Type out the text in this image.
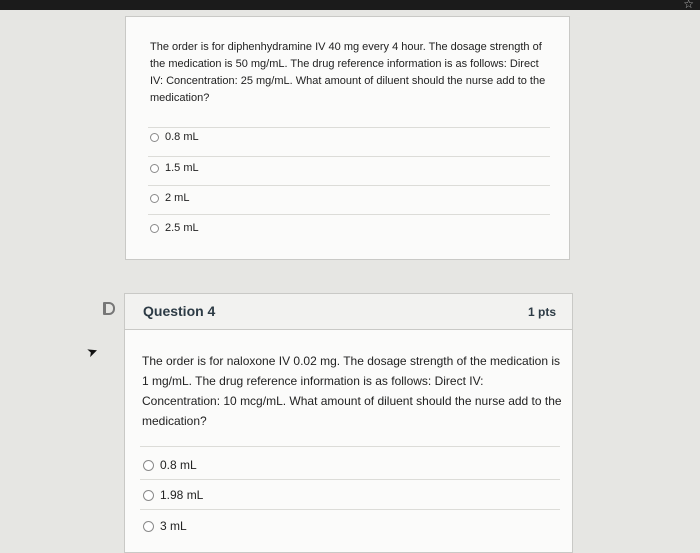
☆
The order is for diphenhydramine IV 40 mg every 4 hour. The dosage strength of the medication is 50 mg/mL. The drug reference information is as follows: Direct IV: Concentration: 25 mg/mL. What amount of diluent should the nurse add to the medication?
0.8 mL
1.5 mL
2 mL
2.5 mL
➤
Question 4	1 pts
The order is for naloxone IV 0.02 mg. The dosage strength of the medication is 1 mg/mL. The drug reference information is as follows: Direct IV: Concentration: 10 mcg/mL. What amount of diluent should the nurse add to the medication?
0.8 mL
1.98 mL
3 mL
